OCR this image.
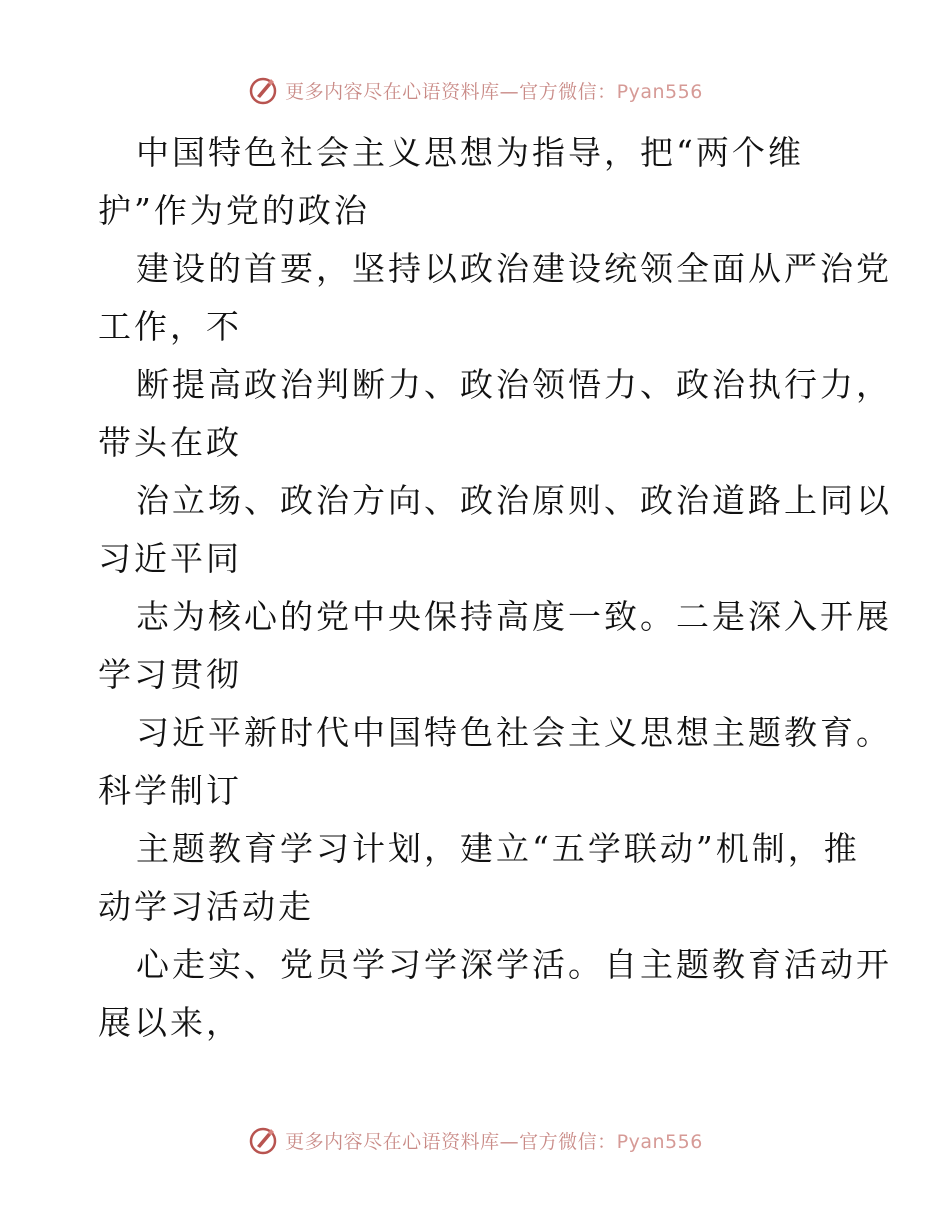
更多内容尽在心语资料库—官方微信：Pyan556
中国特色社会主义思想为指导，把“两个维
护”作为党的政治
建设的首要，坚持以政治建设统领全面从严治党
工作，不
断提高政治判断力、政治领悟力、政治执行力，
带头在政
治立场、政治方向、政治原则、政治道路上同以
习近平同
志为核心的党中央保持高度一致。二是深入开展
学习贯彻
习近平新时代中国特色社会主义思想主题教育。
科学制订
主题教育学习计划，建立“五学联动”机制，推
动学习活动走
心走实、党员学习学深学活。自主题教育活动开
展以来，
更多内容尽在心语资料库—官方微信：Pyan556
